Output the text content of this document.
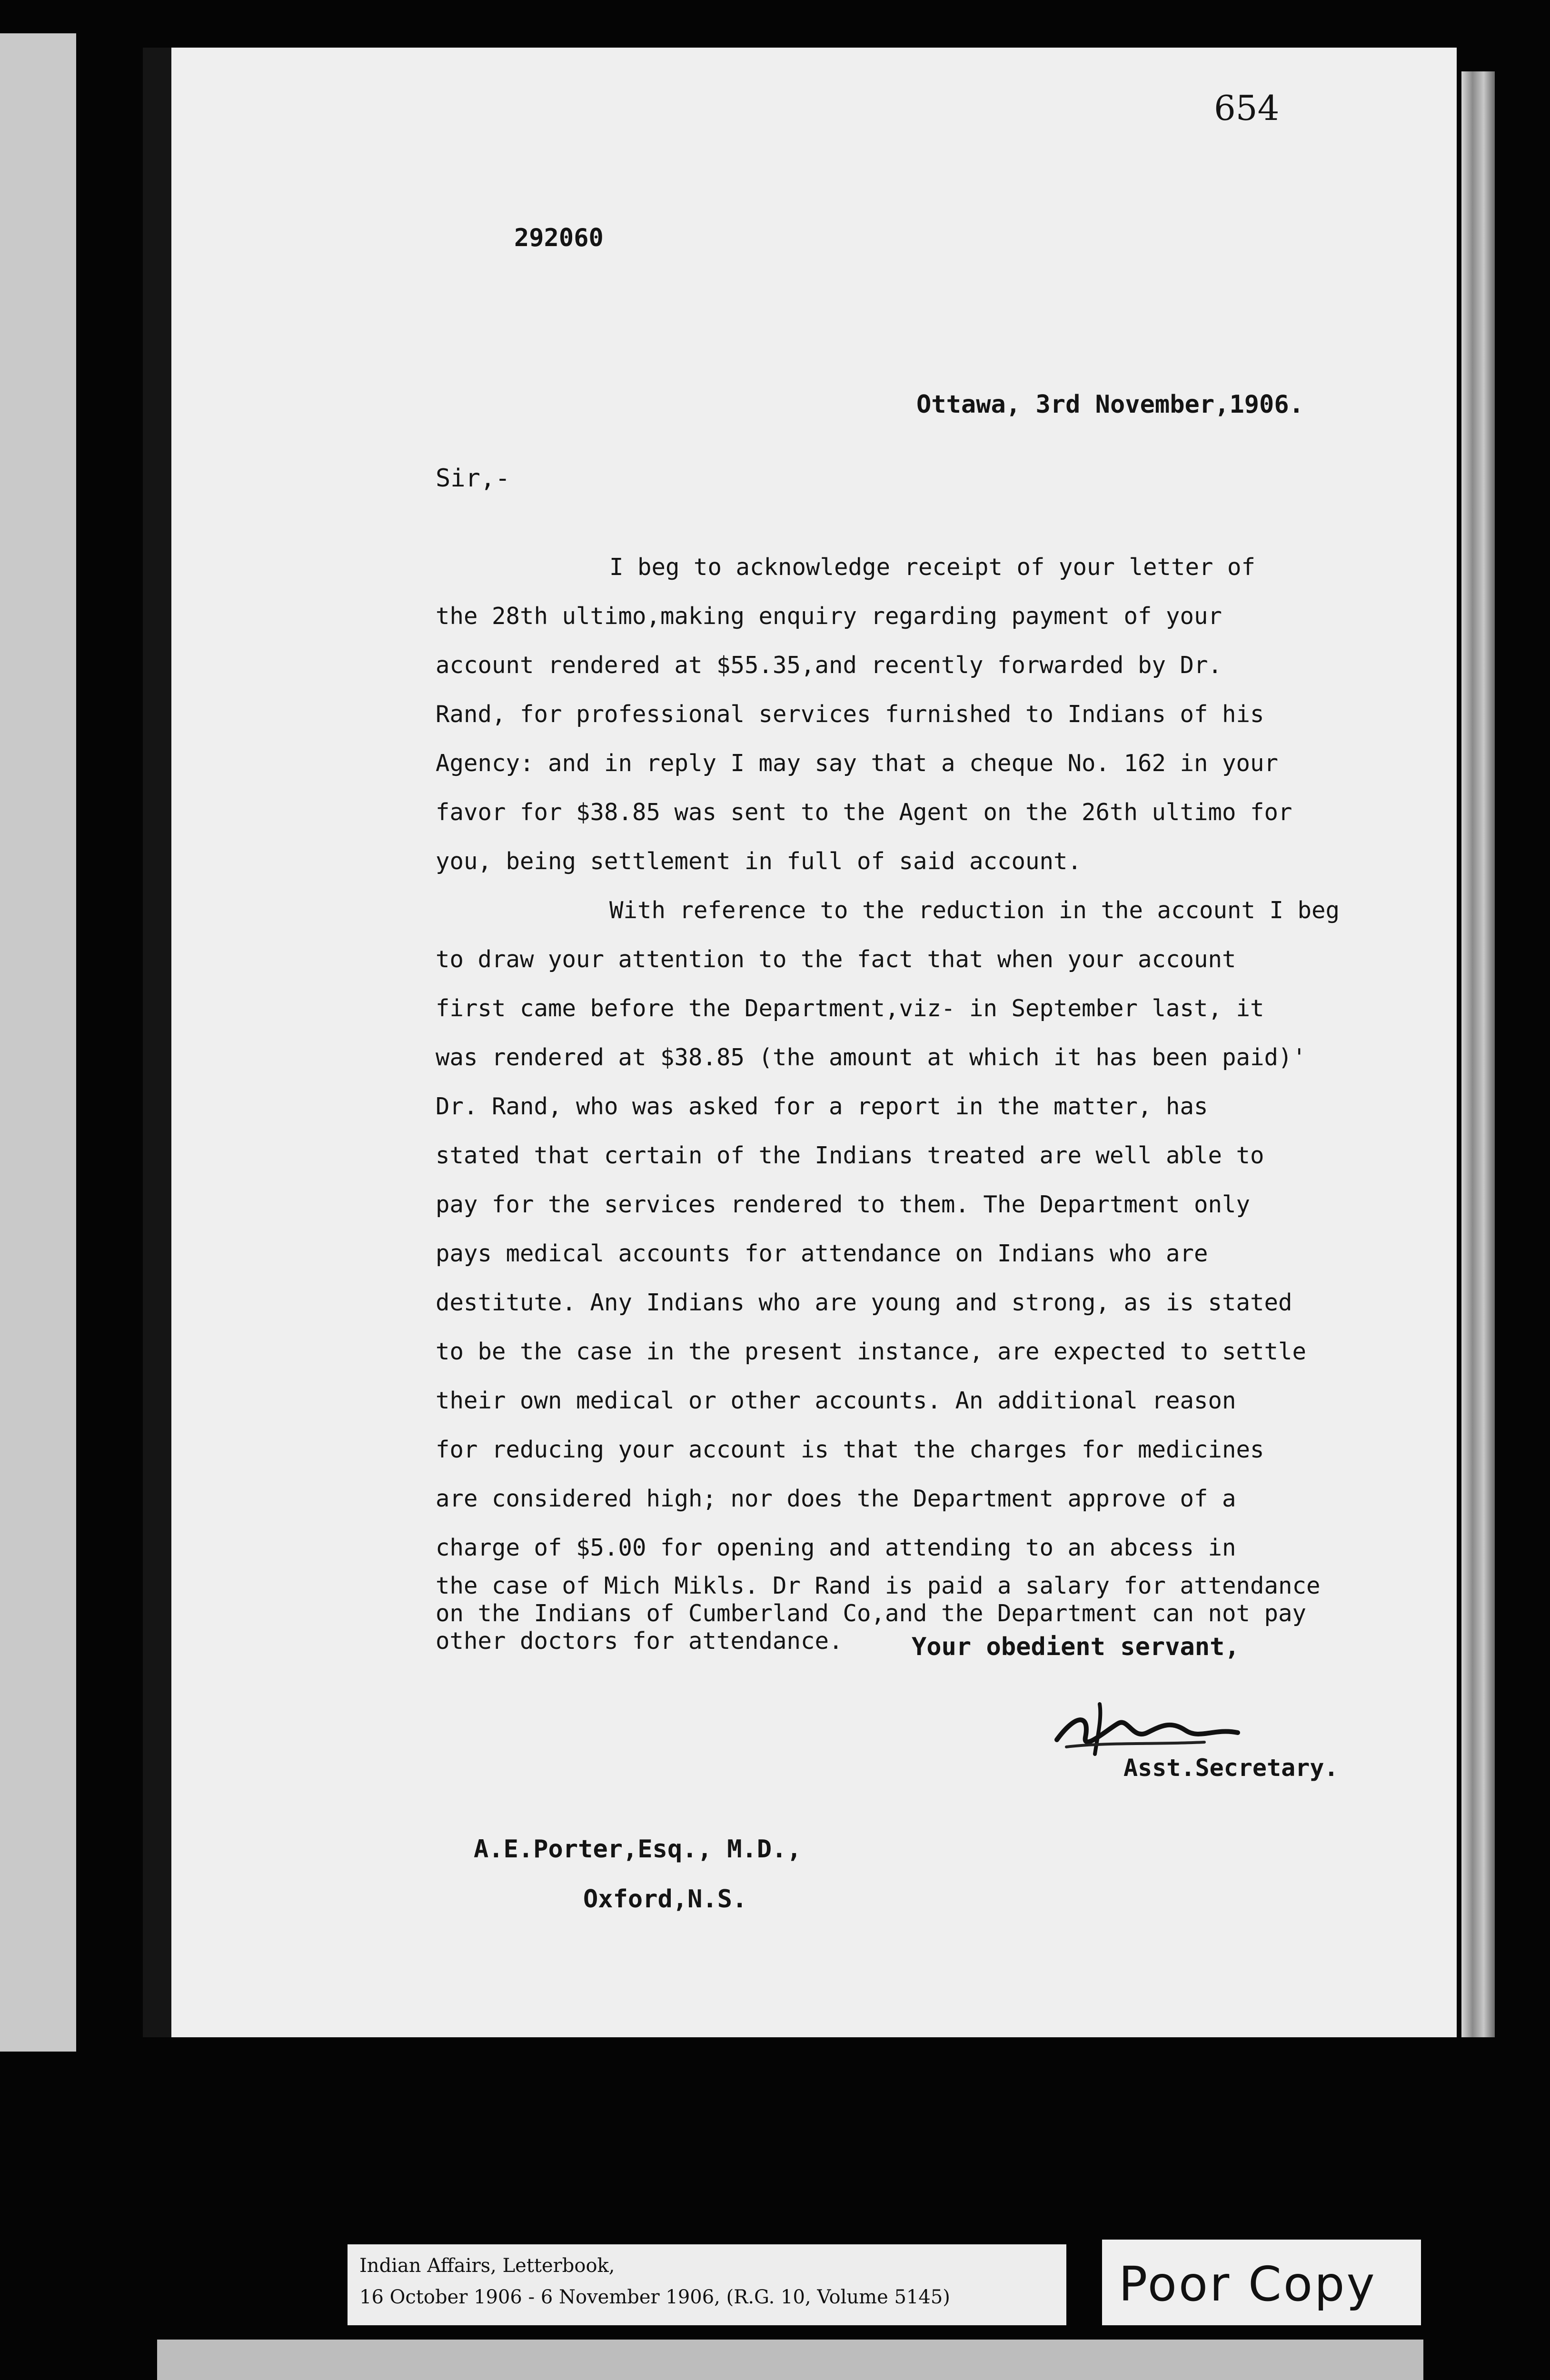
654
292060
Ottawa, 3rd November,1906.
Sir,-
I beg to acknowledge receipt of your letter of
the 28th ultimo,making enquiry regarding payment of your
account rendered at $55.35,and recently forwarded by Dr.
Rand, for professional services furnished to Indians of his
Agency: and in reply I may say that a cheque No. 162 in your
favor for $38.85 was sent to the Agent on the 26th ultimo for
you, being settlement in full of said account.
With reference to the reduction in the account I beg
to draw your attention to the fact that when your account
first came before the Department,viz- in September last, it
was rendered at $38.85 (the amount at which it has been paid)'
Dr. Rand, who was asked for a report in the matter, has
stated that certain of the Indians treated are well able to
pay for the services rendered to them. The Department only
pays medical accounts for attendance on Indians who are
destitute. Any Indians who are young and strong, as is stated
to be the case in the present instance, are expected to settle
their own medical or other accounts. An additional reason
for reducing your account is that the charges for medicines
are considered high; nor does the Department approve of a
charge of $5.00 for opening and attending to an abcess in
the case of Mich Mikls. Dr Rand is paid a salary for attendance
on the Indians of Cumberland Co,and the Department can not pay
other doctors for attendance.	Your obedient servant,
Asst.Secretary.
A.E.Porter,Esq., M.D.,
Oxford,N.S.
Indian Affairs, Letterbook,
16 October 1906 - 6 November 1906, (R.G. 10, Volume 5145)	Poor Copy
